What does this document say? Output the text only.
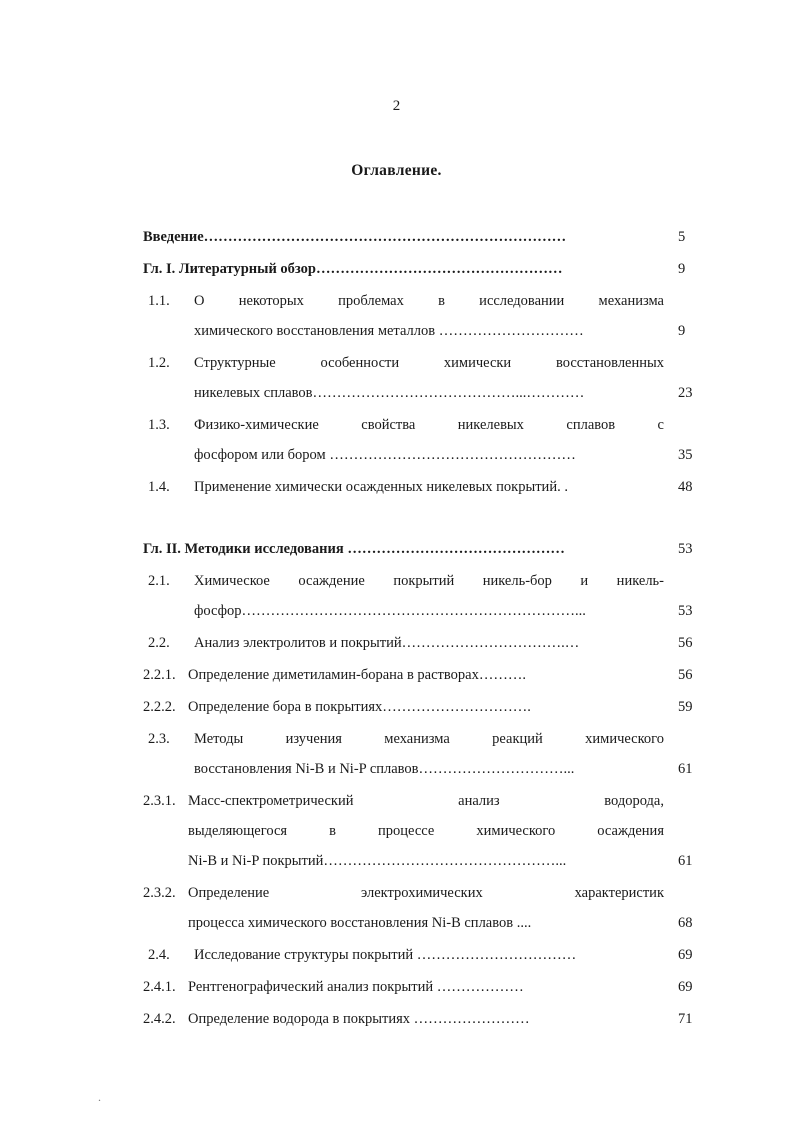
2
Оглавление.
Введение…………………………………………………………………	5
Гл. I. Литературный обзор……………………………………………	9
1.1.	О некоторых проблемах в исследовании механизма
химического восстановления металлов …………………………	9
1.2.	Структурные особенности химически восстановленных
никелевых сплавов……………………………………...…………	23
1.3.	Физико-химические свойства никелевых сплавов с
фосфором или бором ……………………………………………	35
1.4.	Применение химически осажденных никелевых покрытий. .	48
Гл. II. Методики исследования ………………………………………	53
2.1.	Химическое осаждение покрытий никель-бор и никель-
фосфор……………………………………………………………...	53
2.2.	Анализ электролитов и покрытий…………………………….…	56
2.2.1. Определение диметиламин-борана в растворах……….	56
2.2.2. Определение бора в покрытиях………………………….	59
2.3.	Методы изучения механизма реакций химического
восстановления Ni-B и Ni-P сплавов…………………………...	61
2.3.1. Масс-спектрометрический анализ водорода,
выделяющегося в процессе химического осаждения
Ni-B и Ni-P покрытий…………………………………………...	61
2.3.2. Определение электрохимических характеристик
процесса химического восстановления Ni-B сплавов ....	68
2.4.	Исследование структуры покрытий ……………………………	69
2.4.1. Рентгенографический анализ покрытий ………………	69
2.4.2. Определение водорода в покрытиях ……………………	71
.
